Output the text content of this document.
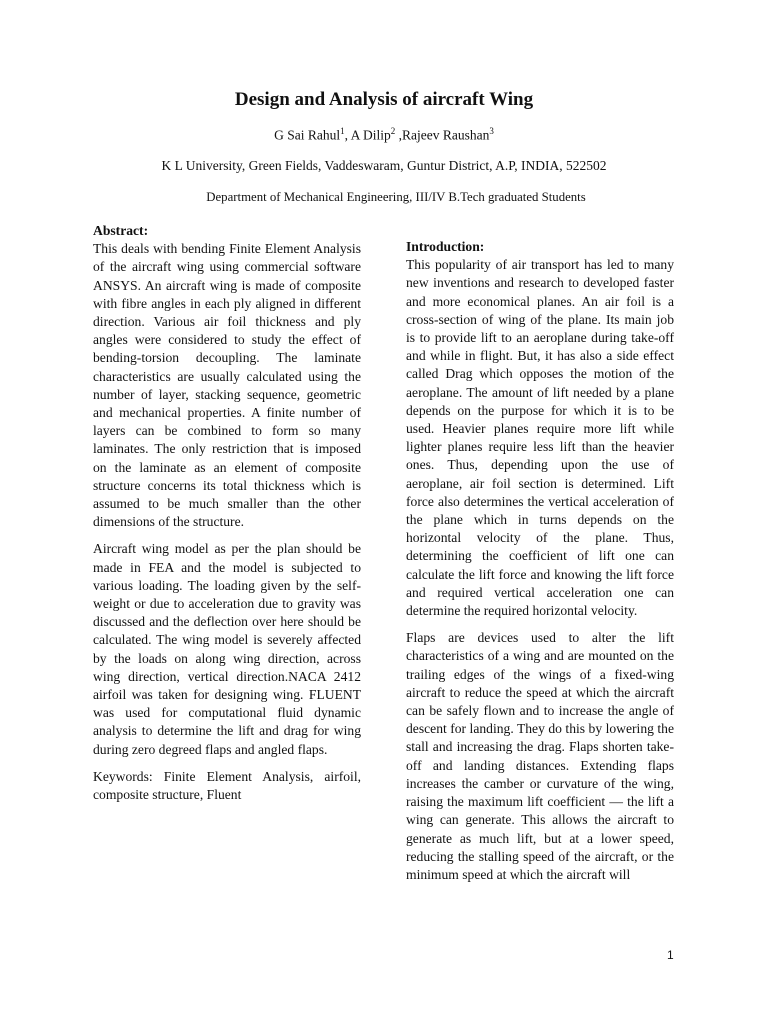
Design and Analysis of aircraft Wing

G Sai Rahul$^1$, A Dilip$^2$ ,Rajeev Raushan$^3$

K L University, Green Fields, Vaddeswaram, Guntur District, A.P, INDIA, 522502

Department of Mechanical Engineering, III/IV B.Tech graduated Students

Abstract:

This deals with bending Finite Element Analysis of the aircraft wing using commercial software ANSYS. An aircraft wing is made of composite with fibre angles in each ply aligned in different direction. Various air foil thickness and ply angles were considered to study the effect of bending-torsion decoupling. The laminate characteristics are usually calculated using the number of layer, stacking sequence, geometric and mechanical properties. A finite number of layers can be combined to form so many laminates. The only restriction that is imposed on the laminate as an element of composite structure concerns its total thickness which is assumed to be much smaller than the other dimensions of the structure.

Aircraft wing model as per the plan should be made in FEA and the model is subjected to various loading. The loading given by the self-weight or due to acceleration due to gravity was discussed and the deflection over here should be calculated. The wing model is severely affected by the loads on along wing direction, across wing direction, vertical direction.NACA 2412 airfoil was taken for designing wing. FLUENT was used for computational fluid dynamic analysis to determine the lift and drag for wing during zero degreed flaps and angled flaps.

Keywords: Finite Element Analysis, airfoil, composite structure, Fluent

Introduction:

This popularity of air transport has led to many new inventions and research to developed faster and more economical planes. An air foil is a cross-section of wing of the plane. Its main job is to provide lift to an aeroplane during take-off and while in flight. But, it has also a side effect called Drag which opposes the motion of the aeroplane. The amount of lift needed by a plane depends on the purpose for which it is to be used. Heavier planes require more lift while lighter planes require less lift than the heavier ones. Thus, depending upon the use of aeroplane, air foil section is determined. Lift force also determines the vertical acceleration of the plane which in turns depends on the horizontal velocity of the plane. Thus, determining the coefficient of lift one can calculate the lift force and knowing the lift force and required vertical acceleration one can determine the required horizontal velocity.

Flaps are devices used to alter the lift characteristics of a wing and are mounted on the trailing edges of the wings of a fixed-wing aircraft to reduce the speed at which the aircraft can be safely flown and to increase the angle of descent for landing. They do this by lowering the stall and increasing the drag. Flaps shorten take-off and landing distances. Extending flaps increases the camber or curvature of the wing, raising the maximum lift coefficient — the lift a wing can generate. This allows the aircraft to generate as much lift, but at a lower speed, reducing the stalling speed of the aircraft, or the minimum speed at which the aircraft will

1
